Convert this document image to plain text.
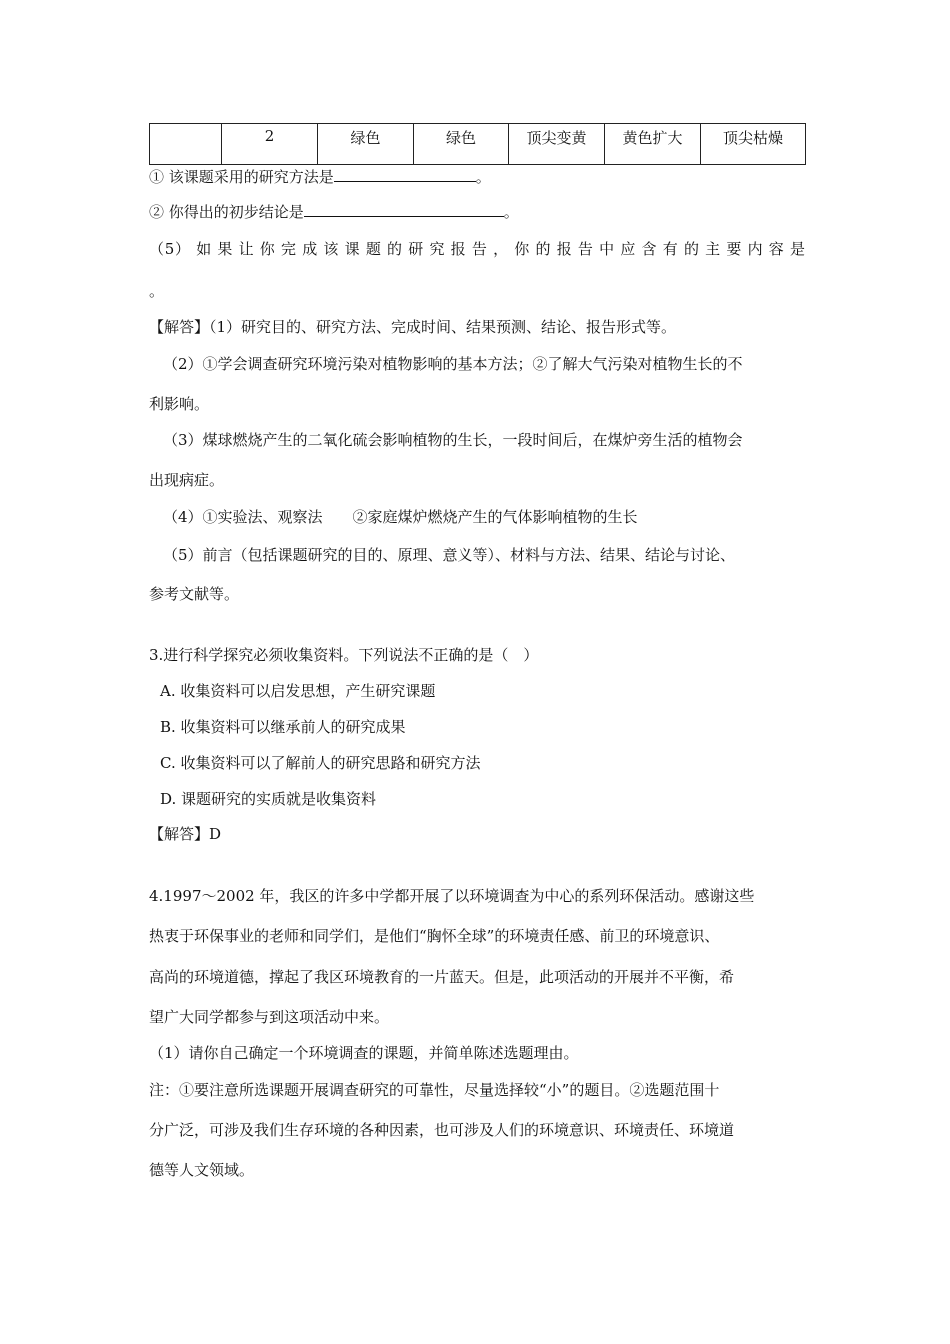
	2	绿色	绿色	顶尖变黄	黄色扩大	顶尖枯燥
① 该课题采用的研究方法是	。
② 你得出的初步结论是	。
（5） 如 果 让 你 完 成 该 课 题 的 研 究 报 告 ， 你 的 报 告 中 应 含 有 的 主 要 内 容 是
。
【解答】（1）研究目的、研究方法、完成时间、结果预测、结论、报告形式等。
（2）①学会调查研究环境污染对植物影响的基本方法；②了解大气污染对植物生长的不
利影响。
（3）煤球燃烧产生的二氧化硫会影响植物的生长，一段时间后，在煤炉旁生活的植物会
出现病症。
（4）①实验法、观察法　　②家庭煤炉燃烧产生的气体影响植物的生长
（5）前言（包括课题研究的目的、原理、意义等）、材料与方法、结果、结论与讨论、
参考文献等。
3.进行科学探究必须收集资料。下列说法不正确的是（　）
A. 收集资料可以启发思想，产生研究课题
B. 收集资料可以继承前人的研究成果
C. 收集资料可以了解前人的研究思路和研究方法
D. 课题研究的实质就是收集资料
【解答】D
4.1997～2002 年，我区的许多中学都开展了以环境调查为中心的系列环保活动。感谢这些
热衷于环保事业的老师和同学们，是他们“胸怀全球”的环境责任感、前卫的环境意识、
高尚的环境道德，撑起了我区环境教育的一片蓝天。但是，此项活动的开展并不平衡，希
望广大同学都参与到这项活动中来。
（1）请你自己确定一个环境调查的课题，并简单陈述选题理由。
注：①要注意所选课题开展调查研究的可靠性，尽量选择较“小”的题目。②选题范围十
分广泛，可涉及我们生存环境的各种因素，也可涉及人们的环境意识、环境责任、环境道
德等人文领域。
